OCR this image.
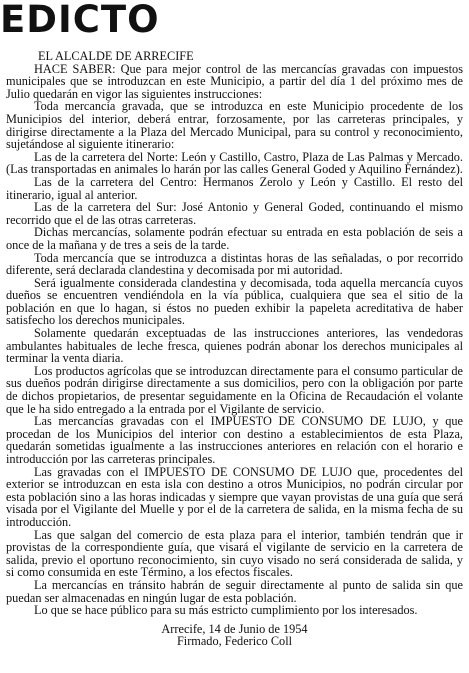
EDICTO

EL ALCALDE DE ARRECIFE

HACE SABER: Que para mejor control de las mercancías gravadas con impuestos municipales que se introduzcan en este Municipio, a partir del día 1 del próximo mes de Julio quedarán en vigor las siguientes instrucciones:

Toda mercancía gravada, que se introduzca en este Municipio procedente de los Municipios del interior, deberá entrar, forzosamente, por las carreteras principales, y dirigirse directamente a la Plaza del Mercado Municipal, para su control y reconocimiento, sujetándose al siguiente itinerario:

Las de la carretera del Norte: León y Castillo, Castro, Plaza de Las Palmas y Mercado. (Las transportadas en animales lo harán por las calles General Goded y Aquilino Fernández).

Las de la carretera del Centro: Hermanos Zerolo y León y Castillo. El resto del itinerario, igual al anterior.

Las de la carretera del Sur: José Antonio y General Goded, continuando el mismo recorrido que el de las otras carreteras.

Dichas mercancías, solamente podrán efectuar su entrada en esta población de seis a once de la mañana y de tres a seis de la tarde.

Toda mercancía que se introduzca a distintas horas de las señaladas, o por recorrido diferente, será declarada clandestina y decomisada por mi autoridad.

Será igualmente considerada clandestina y decomisada, toda aquella mercancía cuyos dueños se encuentren vendiéndola en la vía pública, cualquiera que sea el sitio de la población en que lo hagan, si éstos no pueden exhibir la papeleta acreditativa de haber satisfecho los derechos municipales.

Solamente quedarán exceptuadas de las instrucciones anteriores, las vendedoras ambulantes habituales de leche fresca, quienes podrán abonar los derechos municipales al terminar la venta diaria.

Los productos agrícolas que se introduzcan directamente para el consumo particular de sus dueños podrán dirigirse directamente a sus domicilios, pero con la obligación por parte de dichos propietarios, de presentar seguidamente en la Oficina de Recaudación el volante que le ha sido entregado a la entrada por el Vigilante de servicio.

Las mercancías gravadas con el IMPUESTO DE CONSUMO DE LUJO, y que procedan de los Municipios del interior con destino a establecimientos de esta Plaza, quedarán sometidas igualmente a las instrucciones anteriores en relación con el horario e introducción por las carreteras principales.

Las gravadas con el IMPUESTO DE CONSUMO DE LUJO que, procedentes del exterior se introduzcan en esta isla con destino a otros Municipios, no podrán circular por esta población sino a las horas indicadas y siempre que vayan provistas de una guía que será visada por el Vigilante del Muelle y por el de la carretera de salida, en la misma fecha de su introducción.

Las que salgan del comercio de esta plaza para el interior, también tendrán que ir provistas de la correspondiente guía, que visará el vigilante de servicio en la carretera de salida, previo el oportuno reconocimiento, sin cuyo visado no será considerada de salida, y si como consumida en este Término, a los efectos fiscales.

La mercancías en tránsito habrán de seguir directamente al punto de salida sin que puedan ser almacenadas en ningún lugar de esta población.

Lo que se hace público para su más estricto cumplimiento por los interesados.

Arrecife, 14 de Junio de 1954

Firmado, Federico Coll
